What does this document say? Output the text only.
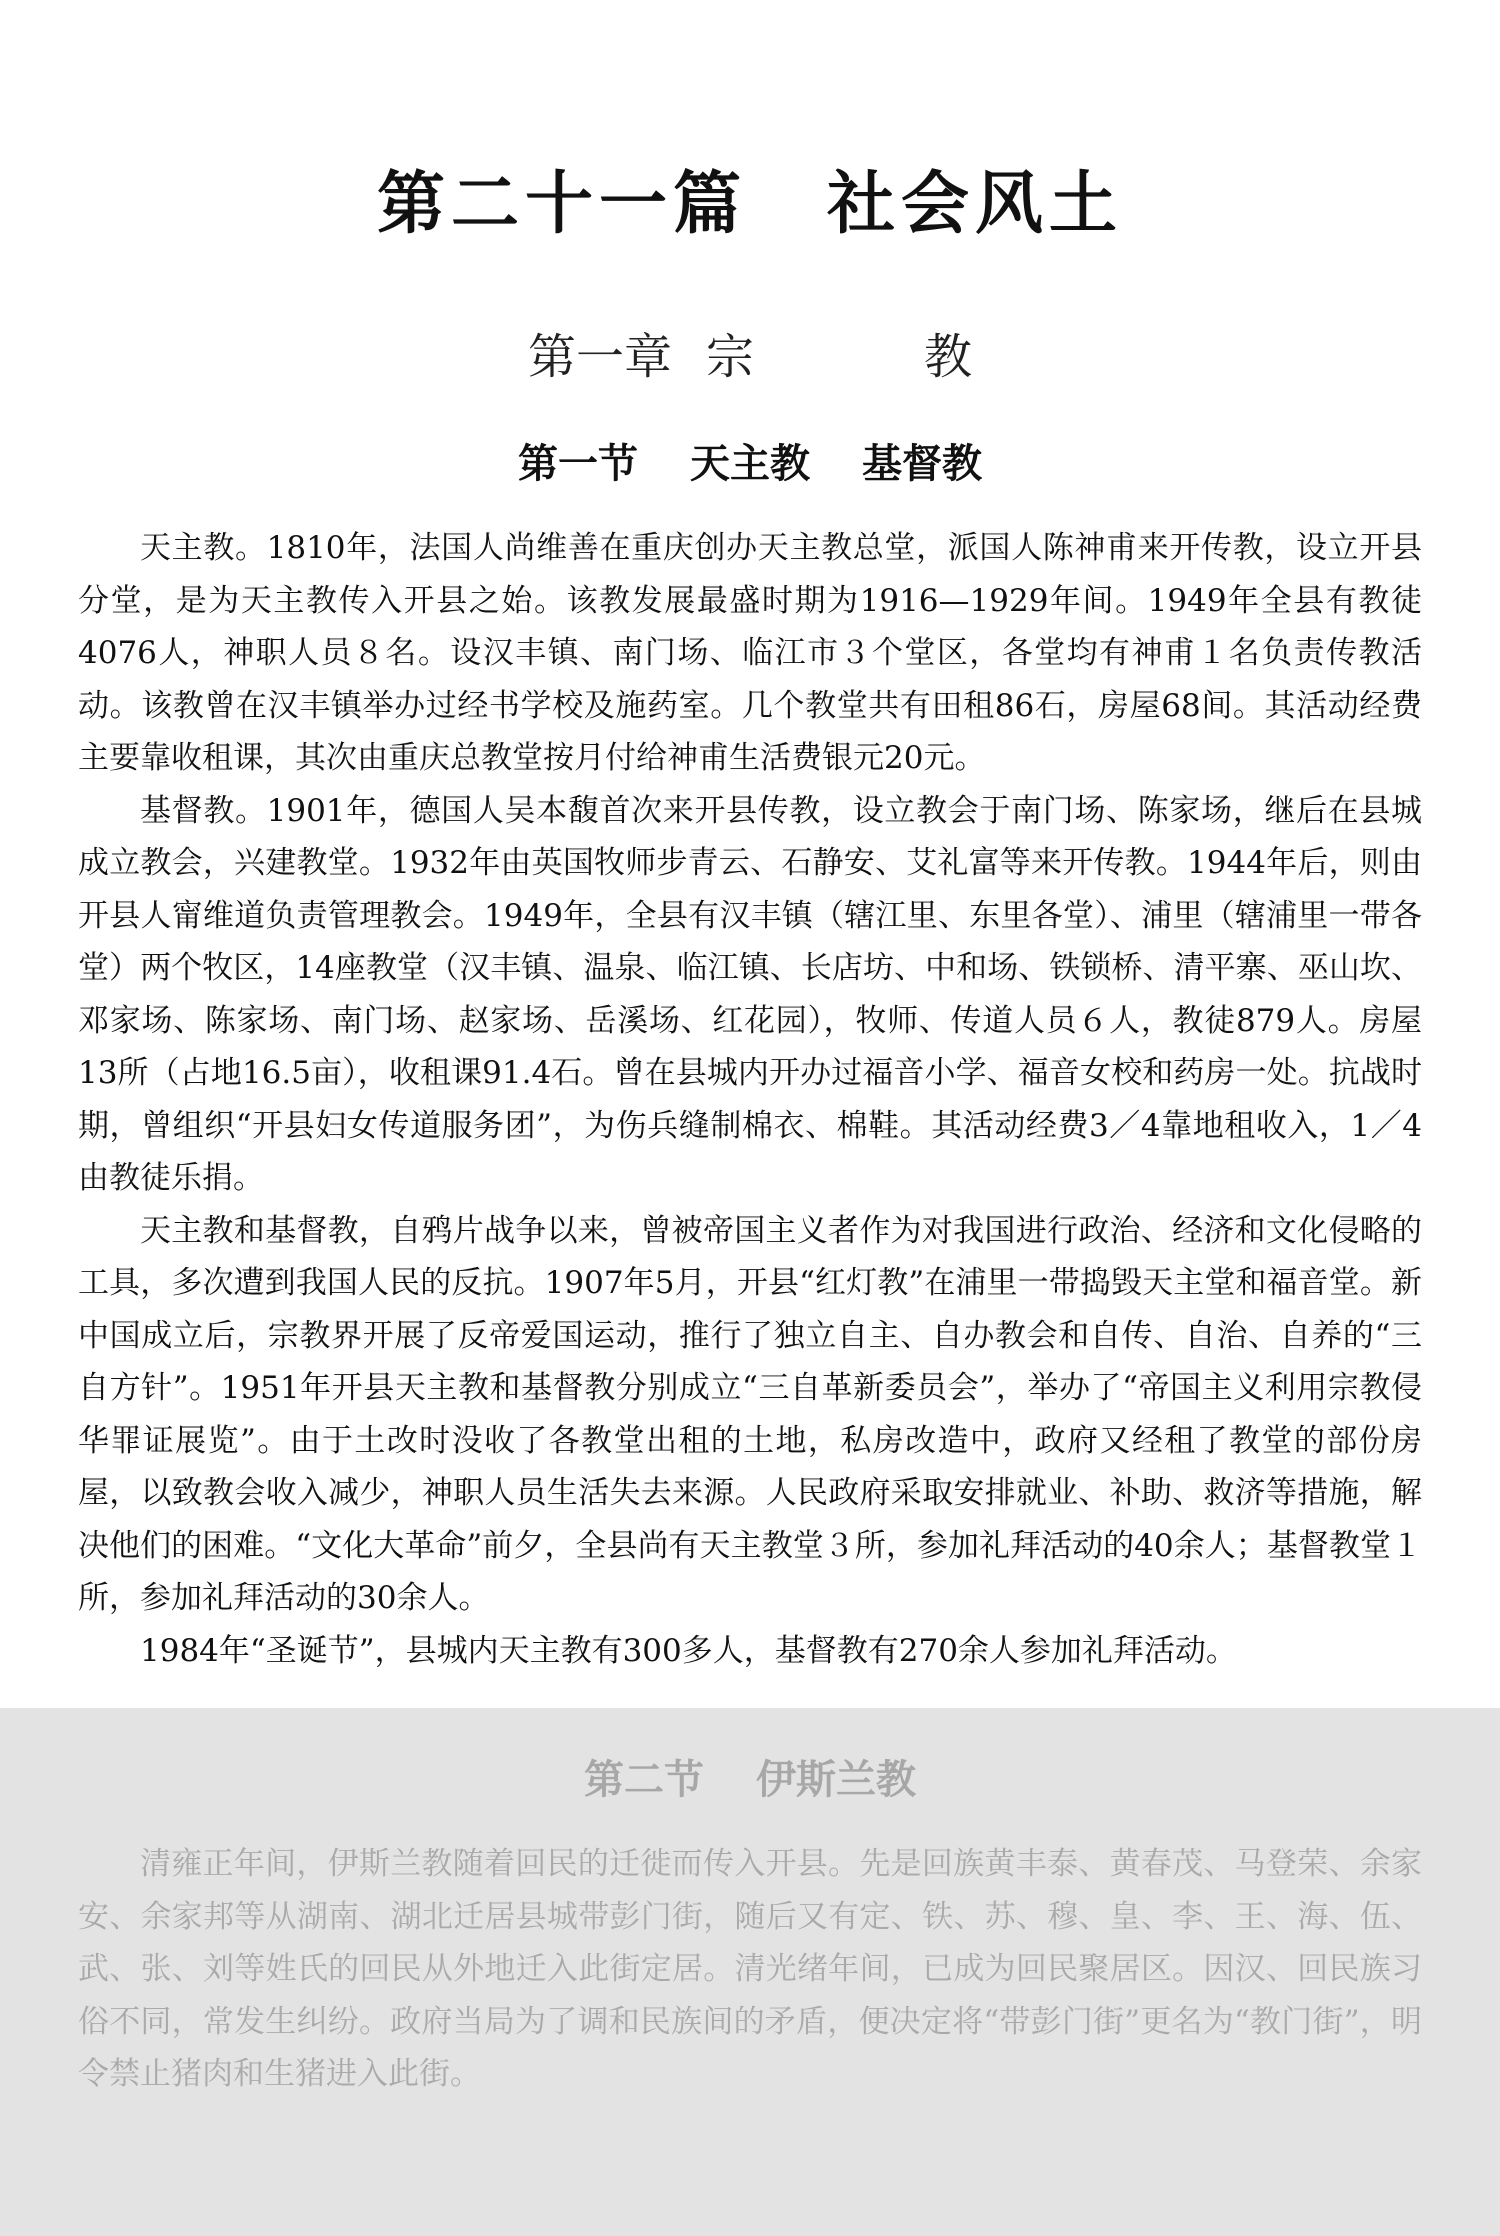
第二十一篇 社会风土
第一章 宗	教
第一节 天主教 基督教

天主教。1810年，法国人尚维善在重庆创办天主教总堂，派国人陈神甫来开传教，设立开县分堂，是为天主教传入开县之始。该教发展最盛时期为1916—1929年间。1949年全县有教徒4076人，神职人员８名。设汉丰镇、南门场、临江市３个堂区，各堂均有神甫１名负责传教活动。该教曾在汉丰镇举办过经书学校及施药室。几个教堂共有田租86石，房屋68间。其活动经费主要靠收租课，其次由重庆总教堂按月付给神甫生活费银元20元。

基督教。1901年，德国人吴本馥首次来开县传教，设立教会于南门场、陈家场，继后在县城成立教会，兴建教堂。1932年由英国牧师步青云、石静安、艾礼富等来开传教。1944年后，则由开县人甯维道负责管理教会。1949年，全县有汉丰镇（辖江里、东里各堂）、浦里（辖浦里一带各堂）两个牧区，14座教堂（汉丰镇、温泉、临江镇、长店坊、中和场、铁锁桥、清平寨、巫山坎、邓家场、陈家场、南门场、赵家场、岳溪场、红花园），牧师、传道人员６人，教徒879人。房屋13所（占地16.5亩），收租课91.4石。曾在县城内开办过福音小学、福音女校和药房一处。抗战时期，曾组织“开县妇女传道服务团”，为伤兵缝制棉衣、棉鞋。其活动经费3／4靠地租收入，1／4由教徒乐捐。

天主教和基督教，自鸦片战争以来，曾被帝国主义者作为对我国进行政治、经济和文化侵略的工具，多次遭到我国人民的反抗。1907年5月，开县“红灯教”在浦里一带捣毁天主堂和福音堂。新中国成立后，宗教界开展了反帝爱国运动，推行了独立自主、自办教会和自传、自治、自养的“三自方针”。1951年开县天主教和基督教分别成立“三自革新委员会”，举办了“帝国主义利用宗教侵华罪证展览”。由于土改时没收了各教堂出租的土地，私房改造中，政府又经租了教堂的部份房屋，以致教会收入减少，神职人员生活失去来源。人民政府采取安排就业、补助、救济等措施，解决他们的困难。“文化大革命”前夕，全县尚有天主教堂３所，参加礼拜活动的40余人；基督教堂１所，参加礼拜活动的30余人。

1984年“圣诞节”，县城内天主教有300多人，基督教有270余人参加礼拜活动。

第二节 伊斯兰教

清雍正年间，伊斯兰教随着回民的迁徙而传入开县。先是回族黄丰泰、黄春茂、马登荣、余家安、余家邦等从湖南、湖北迁居县城带彭门街，随后又有定、铁、苏、穆、皇、李、王、海、伍、武、张、刘等姓氏的回民从外地迁入此街定居。清光绪年间，已成为回民聚居区。因汉、回民族习俗不同，常发生纠纷。政府当局为了调和民族间的矛盾，便决定将“带彭门街”更名为“教门街”，明令禁止猪肉和生猪进入此街。
